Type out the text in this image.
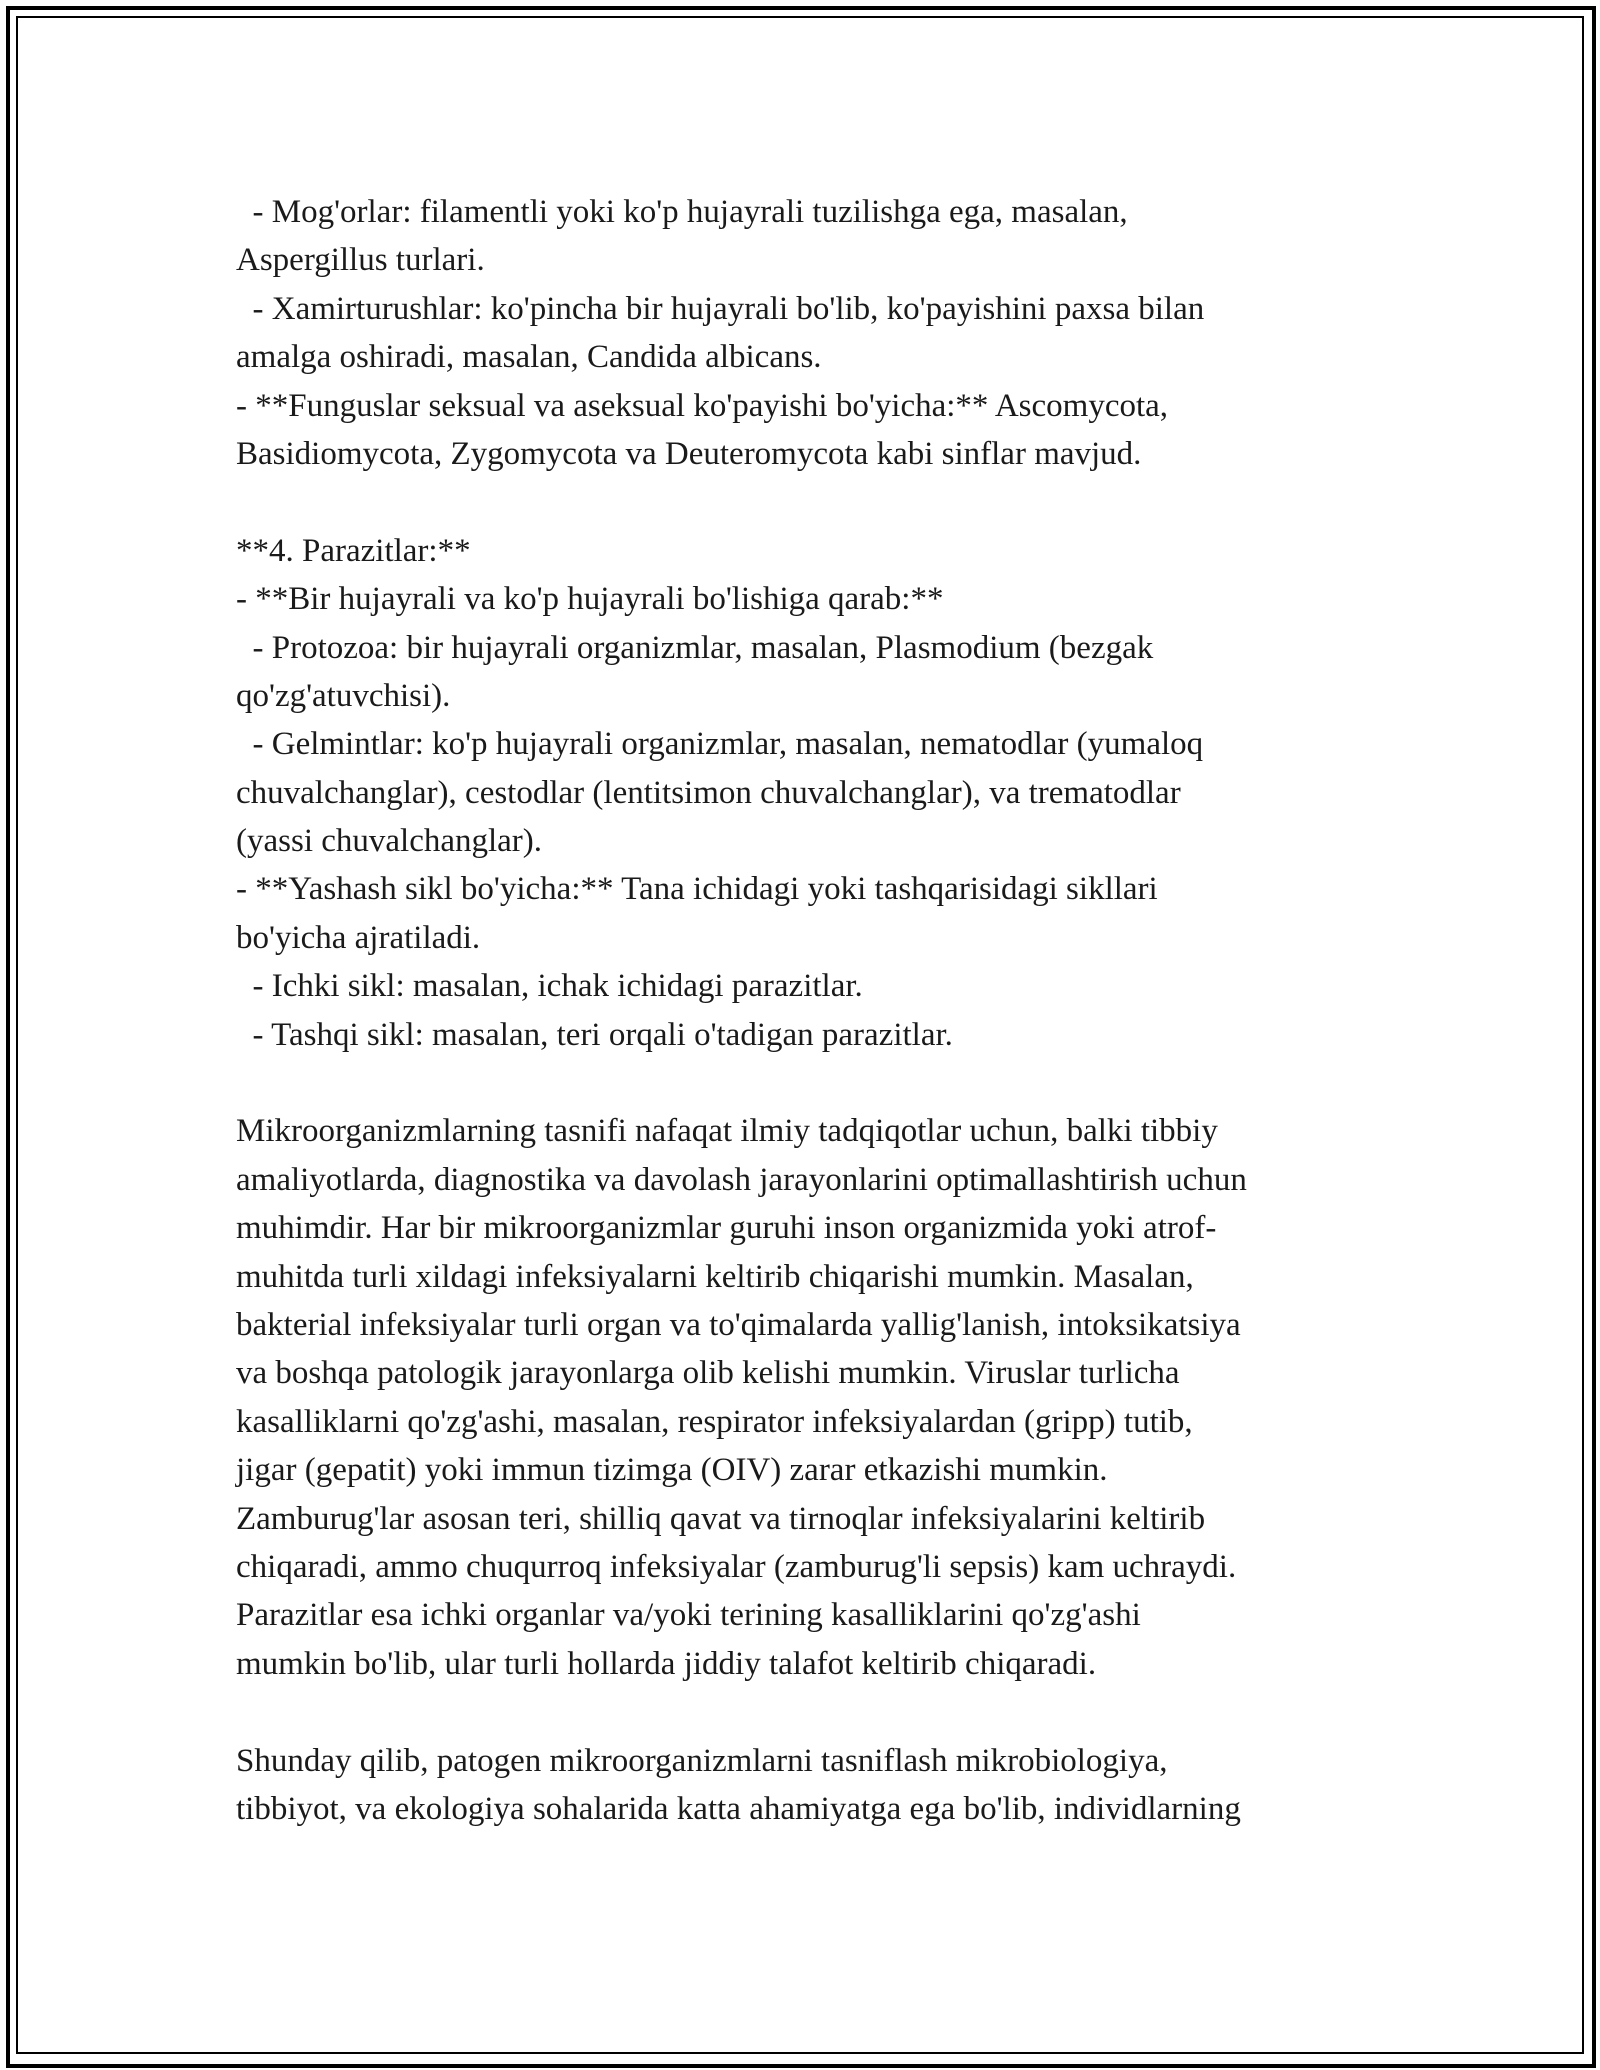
- Mog'orlar: filamentli yoki ko'p hujayrali tuzilishga ega, masalan,
Aspergillus turlari.
- Xamirturushlar: ko'pincha bir hujayrali bo'lib, ko'payishini paxsa bilan
amalga oshiradi, masalan, Candida albicans.
- **Funguslar seksual va aseksual ko'payishi bo'yicha:** Ascomycota,
Basidiomycota, Zygomycota va Deuteromycota kabi sinflar mavjud.
**4. Parazitlar:**
- **Bir hujayrali va ko'p hujayrali bo'lishiga qarab:**
- Protozoa: bir hujayrali organizmlar, masalan, Plasmodium (bezgak
qo'zg'atuvchisi).
- Gelmintlar: ko'p hujayrali organizmlar, masalan, nematodlar (yumaloq
chuvalchanglar), cestodlar (lentitsimon chuvalchanglar), va trematodlar
(yassi chuvalchanglar).
- **Yashash sikl bo'yicha:** Tana ichidagi yoki tashqarisidagi sikllari
bo'yicha ajratiladi.
- Ichki sikl: masalan, ichak ichidagi parazitlar.
- Tashqi sikl: masalan, teri orqali o'tadigan parazitlar.
Mikroorganizmlarning tasnifi nafaqat ilmiy tadqiqotlar uchun, balki tibbiy
amaliyotlarda, diagnostika va davolash jarayonlarini optimallashtirish uchun
muhimdir. Har bir mikroorganizmlar guruhi inson organizmida yoki atrof-
muhitda turli xildagi infeksiyalarni keltirib chiqarishi mumkin. Masalan,
bakterial infeksiyalar turli organ va to'qimalarda yallig'lanish, intoksikatsiya
va boshqa patologik jarayonlarga olib kelishi mumkin. Viruslar turlicha
kasalliklarni qo'zg'ashi, masalan, respirator infeksiyalardan (gripp) tutib,
jigar (gepatit) yoki immun tizimga (OIV) zarar etkazishi mumkin.
Zamburug'lar asosan teri, shilliq qavat va tirnoqlar infeksiyalarini keltirib
chiqaradi, ammo chuqurroq infeksiyalar (zamburug'li sepsis) kam uchraydi.
Parazitlar esa ichki organlar va/yoki terining kasalliklarini qo'zg'ashi
mumkin bo'lib, ular turli hollarda jiddiy talafot keltirib chiqaradi.
Shunday qilib, patogen mikroorganizmlarni tasniflash mikrobiologiya,
tibbiyot, va ekologiya sohalarida katta ahamiyatga ega bo'lib, individlarning
